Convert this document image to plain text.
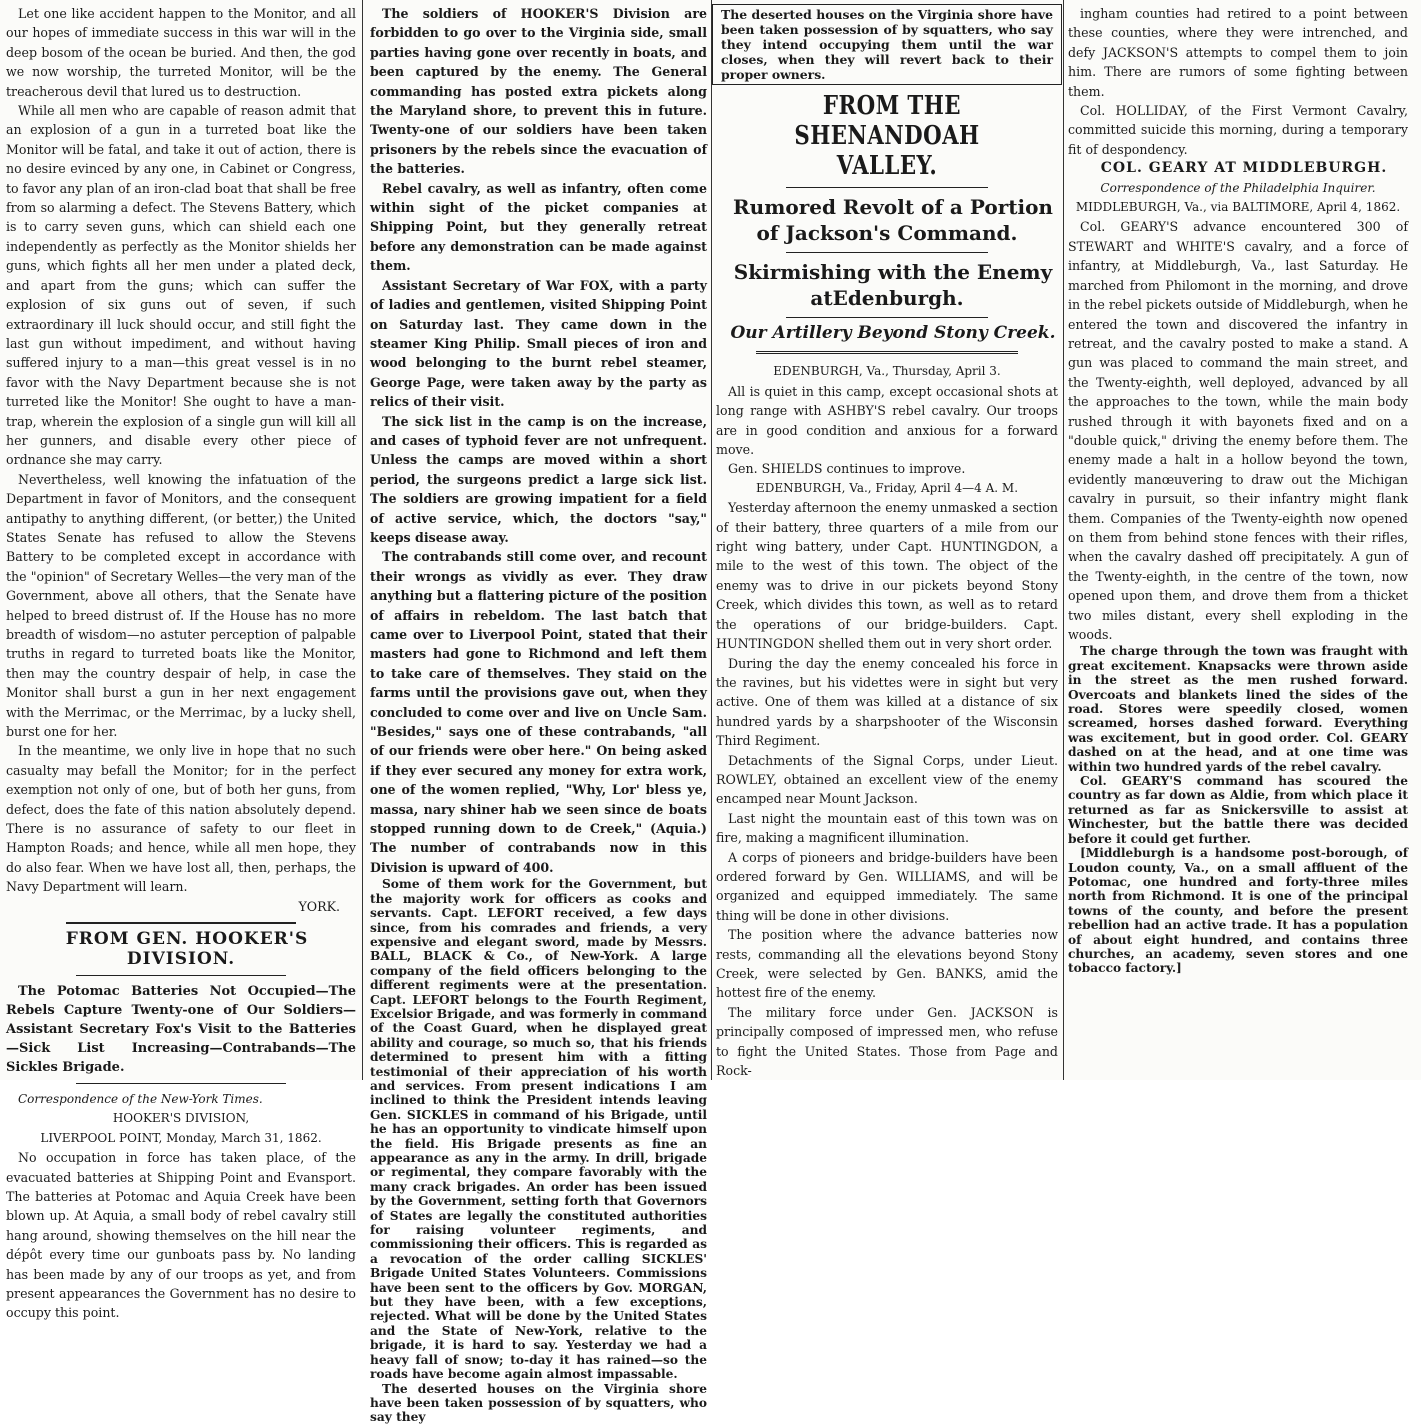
Let one like accident happen to the Monitor, and all our hopes of immediate success in this war will in the deep bosom of the ocean be buried. And then, the god we now worship, the turreted Monitor, will be the treacherous devil that lured us to destruction.

While all men who are capable of reason admit that an explosion of a gun in a turreted boat like the Monitor will be fatal, and take it out of action, there is no desire evinced by any one, in Cabinet or Congress, to favor any plan of an iron-clad boat that shall be free from so alarming a defect. The Stevens Battery, which is to carry seven guns, which can shield each one independently as perfectly as the Monitor shields her guns, which fights all her men under a plated deck, and apart from the guns; which can suffer the explosion of six guns out of seven, if such extraordinary ill luck should occur, and still fight the last gun without impediment, and without having suffered injury to a man—this great vessel is in no favor with the Navy Department because she is not turreted like the Monitor! She ought to have a man-trap, wherein the explosion of a single gun will kill all her gunners, and disable every other piece of ordnance she may carry.

Nevertheless, well knowing the infatuation of the Department in favor of Monitors, and the consequent antipathy to anything different, (or better,) the United States Senate has refused to allow the Stevens Battery to be completed except in accordance with the "opinion" of Secretary Welles—the very man of the Government, above all others, that the Senate have helped to breed distrust of. If the House has no more breadth of wisdom—no astuter perception of palpable truths in regard to turreted boats like the Monitor, then may the country despair of help, in case the Monitor shall burst a gun in her next engagement with the Merrimac, or the Merrimac, by a lucky shell, burst one for her.

In the meantime, we only live in hope that no such casualty may befall the Monitor; for in the perfect exemption not only of one, but of both her guns, from defect, does the fate of this nation absolutely depend. There is no assurance of safety to our fleet in Hampton Roads; and hence, while all men hope, they do also fear. When we have lost all, then, perhaps, the Navy Department will learn.

YORK.

FROM GEN. HOOKER'S DIVISION.

The Potomac Batteries Not Occupied—The Rebels Capture Twenty-one of Our Soldiers—Assistant Secretary Fox's Visit to the Batteries—Sick List Increasing—Contrabands—The Sickles Brigade.

Correspondence of the New-York Times.

HOOKER'S DIVISION,

LIVERPOOL POINT, Monday, March 31, 1862.

No occupation in force has taken place, of the evacuated batteries at Shipping Point and Evansport. The batteries at Potomac and Aquia Creek have been blown up. At Aquia, a small body of rebel cavalry still hang around, showing themselves on the hill near the dépôt every time our gunboats pass by. No landing has been made by any of our troops as yet, and from present appearances the Government has no desire to occupy this point.

The soldiers of HOOKER'S Division are forbidden to go over to the Virginia side, small parties having gone over recently in boats, and been captured by the enemy. The General commanding has posted extra pickets along the Maryland shore, to prevent this in future. Twenty-one of our soldiers have been taken prisoners by the rebels since the evacuation of the batteries.

Rebel cavalry, as well as infantry, often come within sight of the picket companies at Shipping Point, but they generally retreat before any demonstration can be made against them.

Assistant Secretary of War FOX, with a party of ladies and gentlemen, visited Shipping Point on Saturday last. They came down in the steamer King Philip. Small pieces of iron and wood belonging to the burnt rebel steamer, George Page, were taken away by the party as relics of their visit.

The sick list in the camp is on the increase, and cases of typhoid fever are not unfrequent. Unless the camps are moved within a short period, the surgeons predict a large sick list. The soldiers are growing impatient for a field of active service, which, the doctors "say," keeps disease away.

The contrabands still come over, and recount their wrongs as vividly as ever. They draw anything but a flattering picture of the position of affairs in rebeldom. The last batch that came over to Liverpool Point, stated that their masters had gone to Richmond and left them to take care of themselves. They staid on the farms until the provisions gave out, when they concluded to come over and live on Uncle Sam. "Besides," says one of these contrabands, "all of our friends were ober here." On being asked if they ever secured any money for extra work, one of the women replied, "Why, Lor' bless ye, massa, nary shiner hab we seen since de boats stopped running down to de Creek," (Aquia.) The number of contrabands now in this Division is upward of 400.

Some of them work for the Government, but the majority work for officers as cooks and servants. Capt. LEFORT received, a few days since, from his comrades and friends, a very expensive and elegant sword, made by Messrs. BALL, BLACK & Co., of New-York. A large company of the field officers belonging to the different regiments were at the presentation. Capt. LEFORT belongs to the Fourth Regiment, Excelsior Brigade, and was formerly in command of the Coast Guard, when he displayed great ability and courage, so much so, that his friends determined to present him with a fitting testimonial of their appreciation of his worth and services. From present indications I am inclined to think the President intends leaving Gen. SICKLES in command of his Brigade, until he has an opportunity to vindicate himself upon the field. His Brigade presents as fine an appearance as any in the army. In drill, brigade or regimental, they compare favorably with the many crack brigades. An order has been issued by the Government, setting forth that Governors of States are legally the constituted authorities for raising volunteer regiments, and commissioning their officers. This is regarded as a revocation of the order calling SICKLES' Brigade United States Volunteers. Commissions have been sent to the officers by Gov. MORGAN, but they have been, with a few exceptions, rejected. What will be done by the United States and the State of New-York, relative to the brigade, it is hard to say. Yesterday we had a heavy fall of snow; to-day it has rained—so the roads have become again almost impassable.

The deserted houses on the Virginia shore have been taken possession of by squatters, who say they

The deserted houses on the Virginia shore have been taken possession of by squatters, who say they intend occupying them until the war closes, when they will revert back to their proper owners.

FROM THE SHENANDOAH VALLEY.

Rumored Revolt of a Portion of Jackson's Command.

Skirmishing with the Enemy atEdenburgh.

Our Artillery Beyond Stony Creek.

EDENBURGH, Va., Thursday, April 3.

All is quiet in this camp, except occasional shots at long range with ASHBY'S rebel cavalry. Our troops are in good condition and anxious for a forward move.

Gen. SHIELDS continues to improve.

EDENBURGH, Va., Friday, April 4—4 A. M.

Yesterday afternoon the enemy unmasked a section of their battery, three quarters of a mile from our right wing battery, under Capt. HUNTINGDON, a mile to the west of this town. The object of the enemy was to drive in our pickets beyond Stony Creek, which divides this town, as well as to retard the operations of our bridge-builders. Capt. HUNTINGDON shelled them out in very short order.

During the day the enemy concealed his force in the ravines, but his videttes were in sight but very active. One of them was killed at a distance of six hundred yards by a sharpshooter of the Wisconsin Third Regiment.

Detachments of the Signal Corps, under Lieut. ROWLEY, obtained an excellent view of the enemy encamped near Mount Jackson.

Last night the mountain east of this town was on fire, making a magnificent illumination.

A corps of pioneers and bridge-builders have been ordered forward by Gen. WILLIAMS, and will be organized and equipped immediately. The same thing will be done in other divisions.

The position where the advance batteries now rests, commanding all the elevations beyond Stony Creek, were selected by Gen. BANKS, amid the hottest fire of the enemy.

The military force under Gen. JACKSON is principally composed of impressed men, who refuse to fight the United States. Those from Page and Rock-

ingham counties had retired to a point between these counties, where they were intrenched, and defy JACKSON'S attempts to compel them to join him. There are rumors of some fighting between them.

Col. HOLLIDAY, of the First Vermont Cavalry, committed suicide this morning, during a temporary fit of despondency.

COL. GEARY AT MIDDLEBURGH.

Correspondence of the Philadelphia Inquirer.

MIDDLEBURGH, Va., via BALTIMORE, April 4, 1862.

Col. GEARY'S advance encountered 300 of STEWART and WHITE'S cavalry, and a force of infantry, at Middleburgh, Va., last Saturday. He marched from Philomont in the morning, and drove in the rebel pickets outside of Middleburgh, when he entered the town and discovered the infantry in retreat, and the cavalry posted to make a stand. A gun was placed to command the main street, and the Twenty-eighth, well deployed, advanced by all the approaches to the town, while the main body rushed through it with bayonets fixed and on a "double quick," driving the enemy before them. The enemy made a halt in a hollow beyond the town, evidently manœuvering to draw out the Michigan cavalry in pursuit, so their infantry might flank them. Companies of the Twenty-eighth now opened on them from behind stone fences with their rifles, when the cavalry dashed off precipitately. A gun of the Twenty-eighth, in the centre of the town, now opened upon them, and drove them from a thicket two miles distant, every shell exploding in the woods.

The charge through the town was fraught with great excitement. Knapsacks were thrown aside in the street as the men rushed forward. Overcoats and blankets lined the sides of the road. Stores were speedily closed, women screamed, horses dashed forward. Everything was excitement, but in good order. Col. GEARY dashed on at the head, and at one time was within two hundred yards of the rebel cavalry.

Col. GEARY'S command has scoured the country as far down as Aldie, from which place it returned as far as Snickersville to assist at Winchester, but the battle there was decided before it could get further.

[Middleburgh is a handsome post-borough, of Loudon county, Va., on a small affluent of the Potomac, one hundred and forty-three miles north from Richmond. It is one of the principal towns of the county, and before the present rebellion had an active trade. It has a population of about eight hundred, and contains three churches, an academy, seven stores and one tobacco factory.]
